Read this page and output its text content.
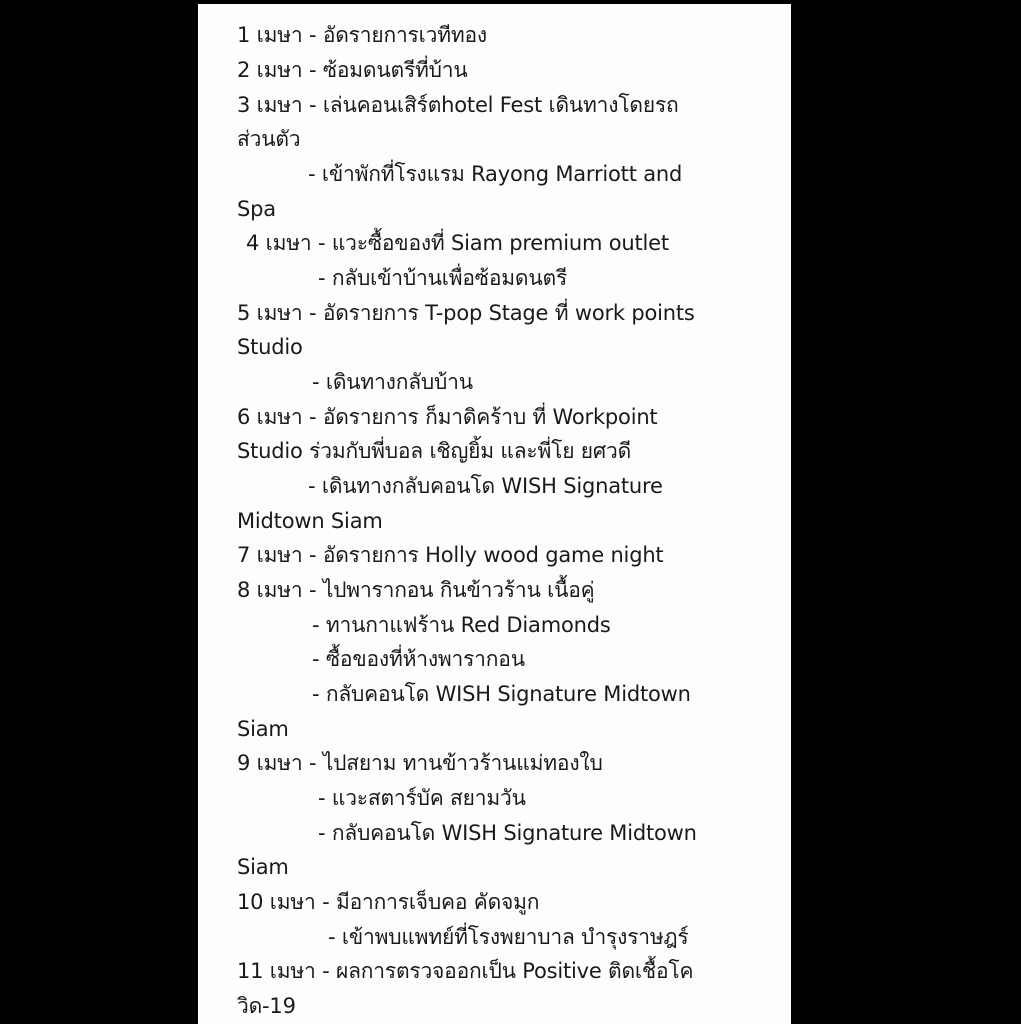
1 เมษา - อัดรายการเวทีทอง
2 เมษา - ซ้อมดนตรีที่บ้าน
3 เมษา - เล่นคอนเสิร์ตhotel Fest เดินทางโดยรถ
ส่วนตัว
- เข้าพักที่โรงแรม Rayong Marriott and
Spa
4 เมษา - แวะซื้อของที่ Siam premium outlet
- กลับเข้าบ้านเพื่อซ้อมดนตรี
5 เมษา - อัดรายการ T-pop Stage ที่ work points
Studio
- เดินทางกลับบ้าน
6 เมษา - อัดรายการ ก็มาดิคร้าบ ที่ Workpoint
Studio ร่วมกับพี่บอล เชิญยิ้ม และพี่โย ยศวดี
- เดินทางกลับคอนโด WISH Signature
Midtown Siam
7 เมษา - อัดรายการ Holly wood game night
8 เมษา - ไปพารากอน กินข้าวร้าน เนื้อคู่
- ทานกาแฟร้าน Red Diamonds
- ซื้อของที่ห้างพารากอน
- กลับคอนโด WISH Signature Midtown
Siam
9 เมษา - ไปสยาม ทานข้าวร้านแม่ทองใบ
- แวะสตาร์บัค สยามวัน
- กลับคอนโด WISH Signature Midtown
Siam
10 เมษา - มีอาการเจ็บคอ คัดจมูก
- เข้าพบแพทย์ที่โรงพยาบาล บำรุงราษฎร์
11 เมษา - ผลการตรวจออกเป็น Positive ติดเชื้อโค
วิด-19
